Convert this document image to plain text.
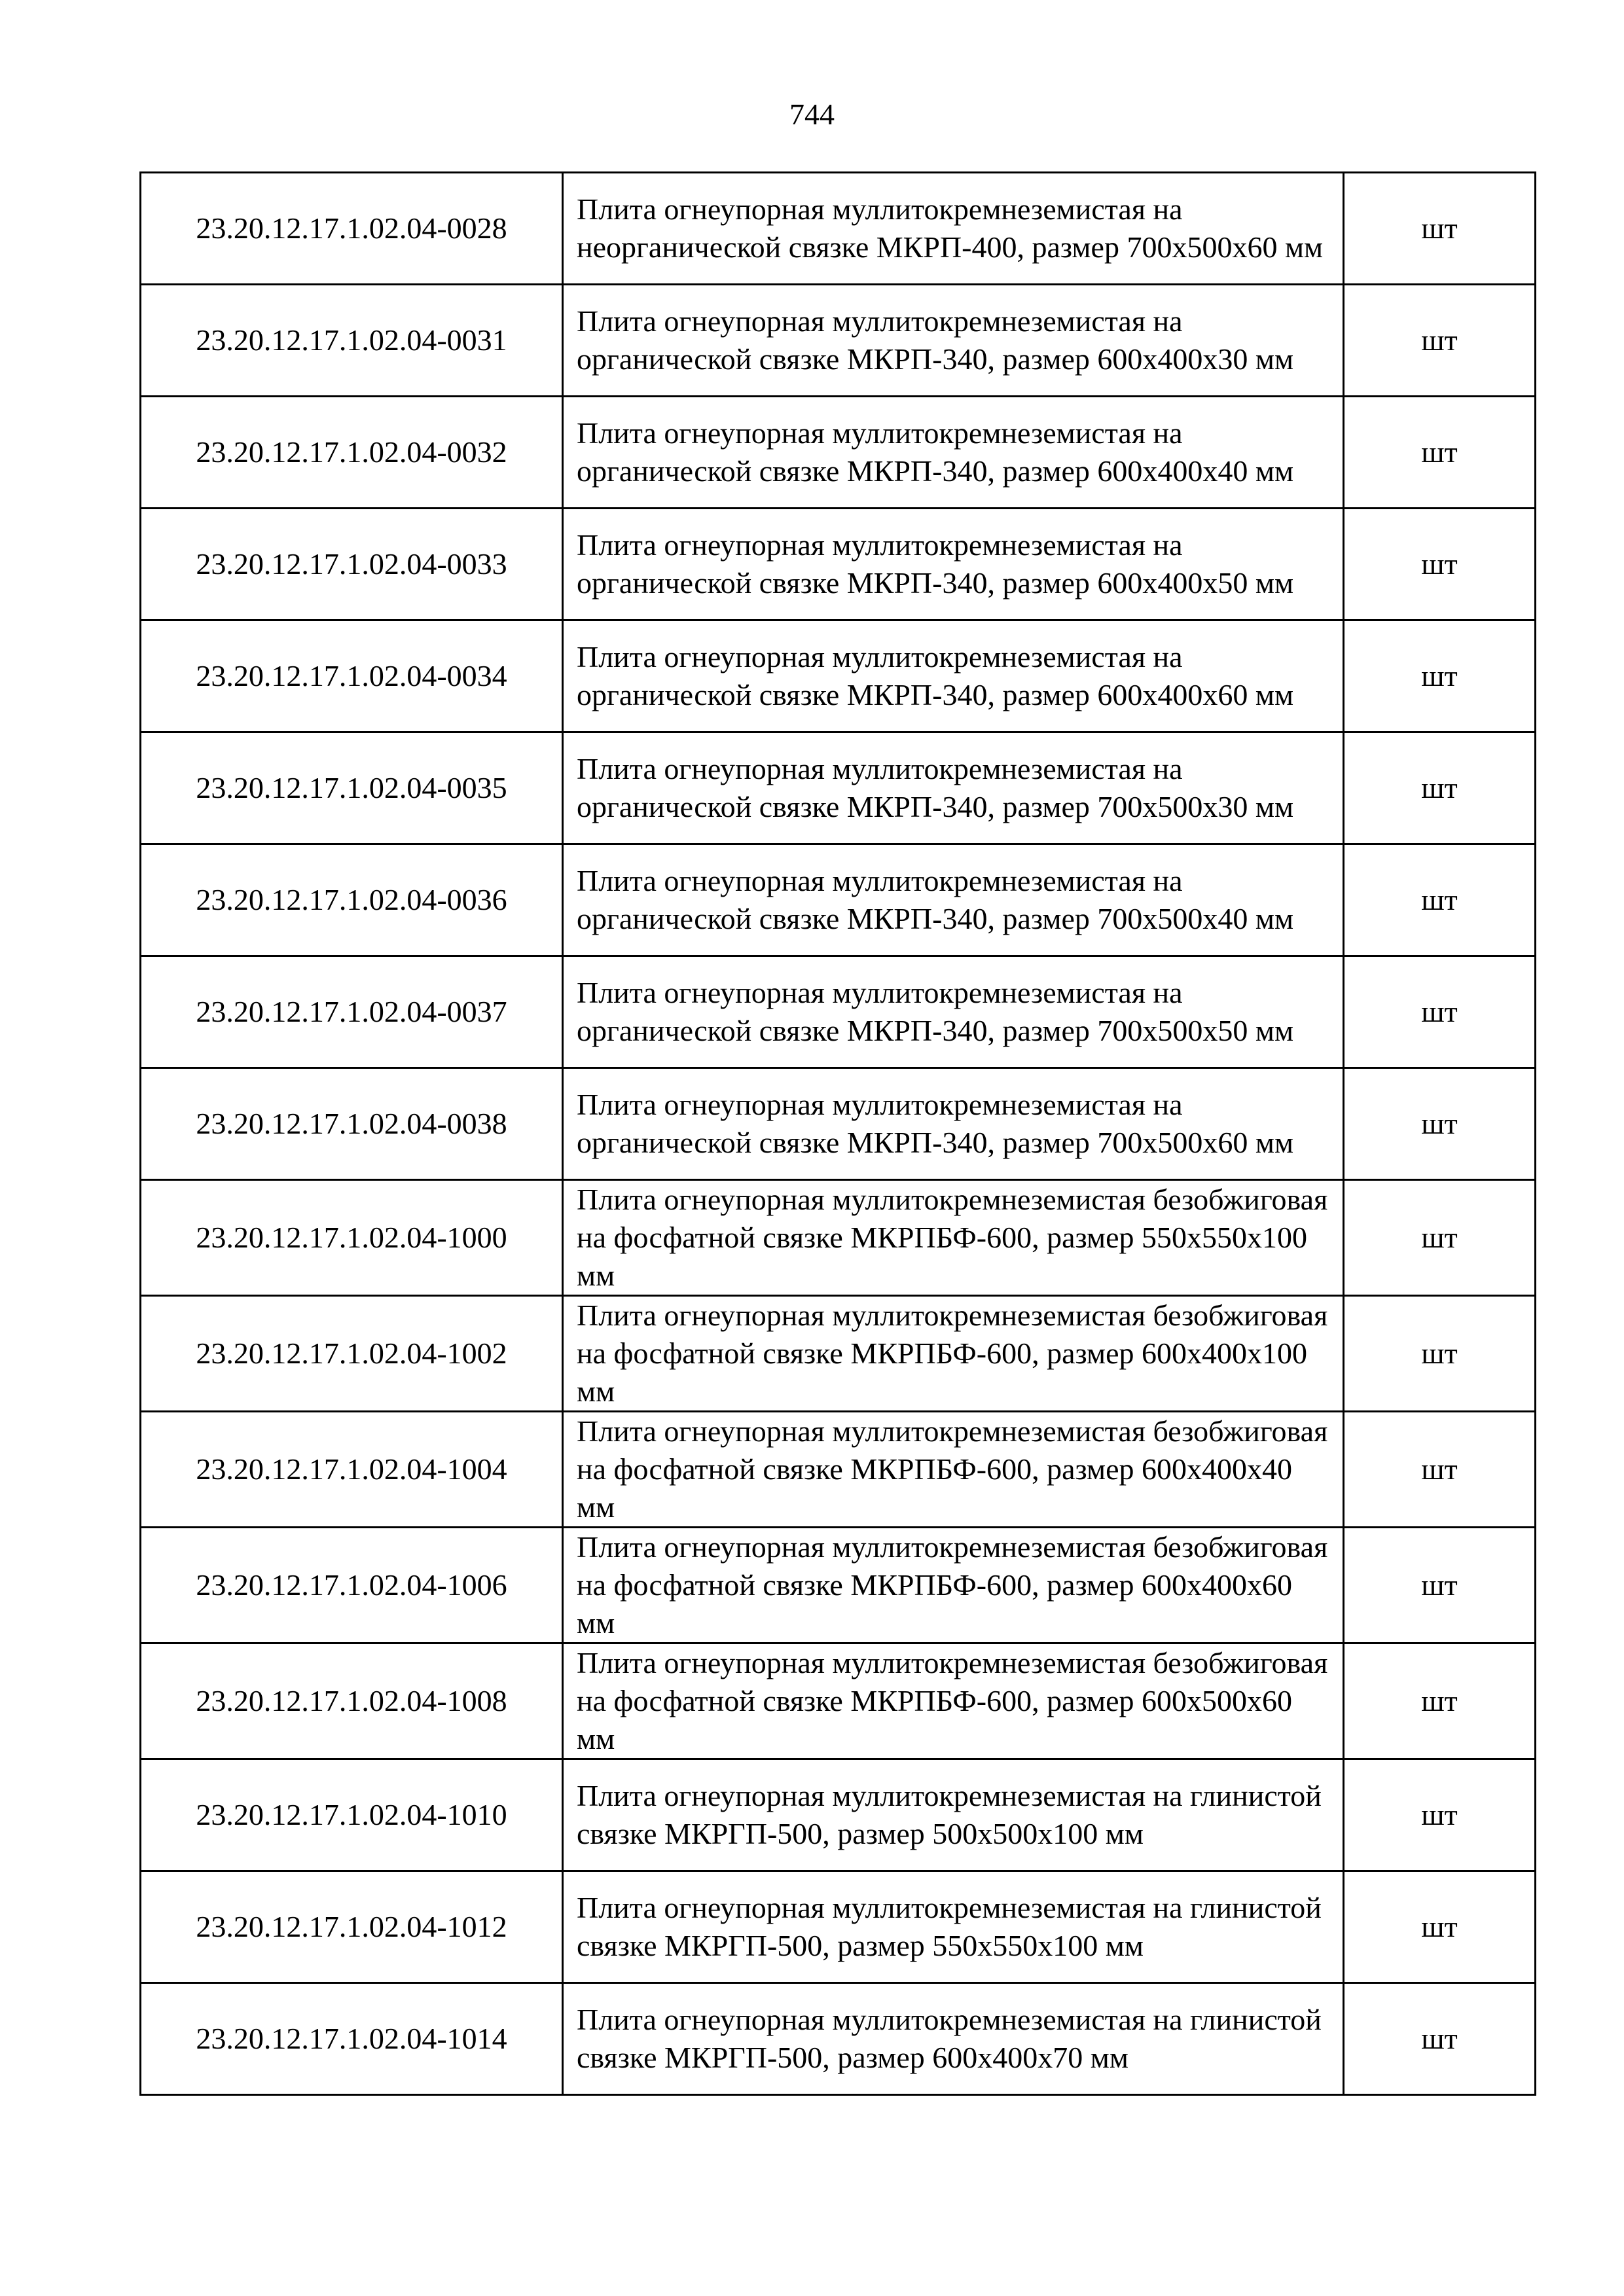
744
23.20.12.17.1.02.04-0028	Плита огнеупорная муллитокремнеземистая на неорганической связке МКРП-400, размер 700x500x60 мм	шт
23.20.12.17.1.02.04-0031	Плита огнеупорная муллитокремнеземистая на органической связке МКРП-340, размер 600x400x30 мм	шт
23.20.12.17.1.02.04-0032	Плита огнеупорная муллитокремнеземистая на органической связке МКРП-340, размер 600x400x40 мм	шт
23.20.12.17.1.02.04-0033	Плита огнеупорная муллитокремнеземистая на органической связке МКРП-340, размер 600x400x50 мм	шт
23.20.12.17.1.02.04-0034	Плита огнеупорная муллитокремнеземистая на органической связке МКРП-340, размер 600x400x60 мм	шт
23.20.12.17.1.02.04-0035	Плита огнеупорная муллитокремнеземистая на органической связке МКРП-340, размер 700x500x30 мм	шт
23.20.12.17.1.02.04-0036	Плита огнеупорная муллитокремнеземистая на органической связке МКРП-340, размер 700x500x40 мм	шт
23.20.12.17.1.02.04-0037	Плита огнеупорная муллитокремнеземистая на органической связке МКРП-340, размер 700x500x50 мм	шт
23.20.12.17.1.02.04-0038	Плита огнеупорная муллитокремнеземистая на органической связке МКРП-340, размер 700x500x60 мм	шт
23.20.12.17.1.02.04-1000	Плита огнеупорная муллитокремнеземистая безобжиговая на фосфатной связке МКРПБФ-600, размер 550x550x100 мм	шт
23.20.12.17.1.02.04-1002	Плита огнеупорная муллитокремнеземистая безобжиговая на фосфатной связке МКРПБФ-600, размер 600x400x100 мм	шт
23.20.12.17.1.02.04-1004	Плита огнеупорная муллитокремнеземистая безобжиговая на фосфатной связке МКРПБФ-600, размер 600x400x40 мм	шт
23.20.12.17.1.02.04-1006	Плита огнеупорная муллитокремнеземистая безобжиговая на фосфатной связке МКРПБФ-600, размер 600x400x60 мм	шт
23.20.12.17.1.02.04-1008	Плита огнеупорная муллитокремнеземистая безобжиговая на фосфатной связке МКРПБФ-600, размер 600x500x60 мм	шт
23.20.12.17.1.02.04-1010	Плита огнеупорная муллитокремнеземистая на глинистой связке МКРГП-500, размер 500x500x100 мм	шт
23.20.12.17.1.02.04-1012	Плита огнеупорная муллитокремнеземистая на глинистой связке МКРГП-500, размер 550x550x100 мм	шт
23.20.12.17.1.02.04-1014	Плита огнеупорная муллитокремнеземистая на глинистой связке МКРГП-500, размер 600x400x70 мм	шт
